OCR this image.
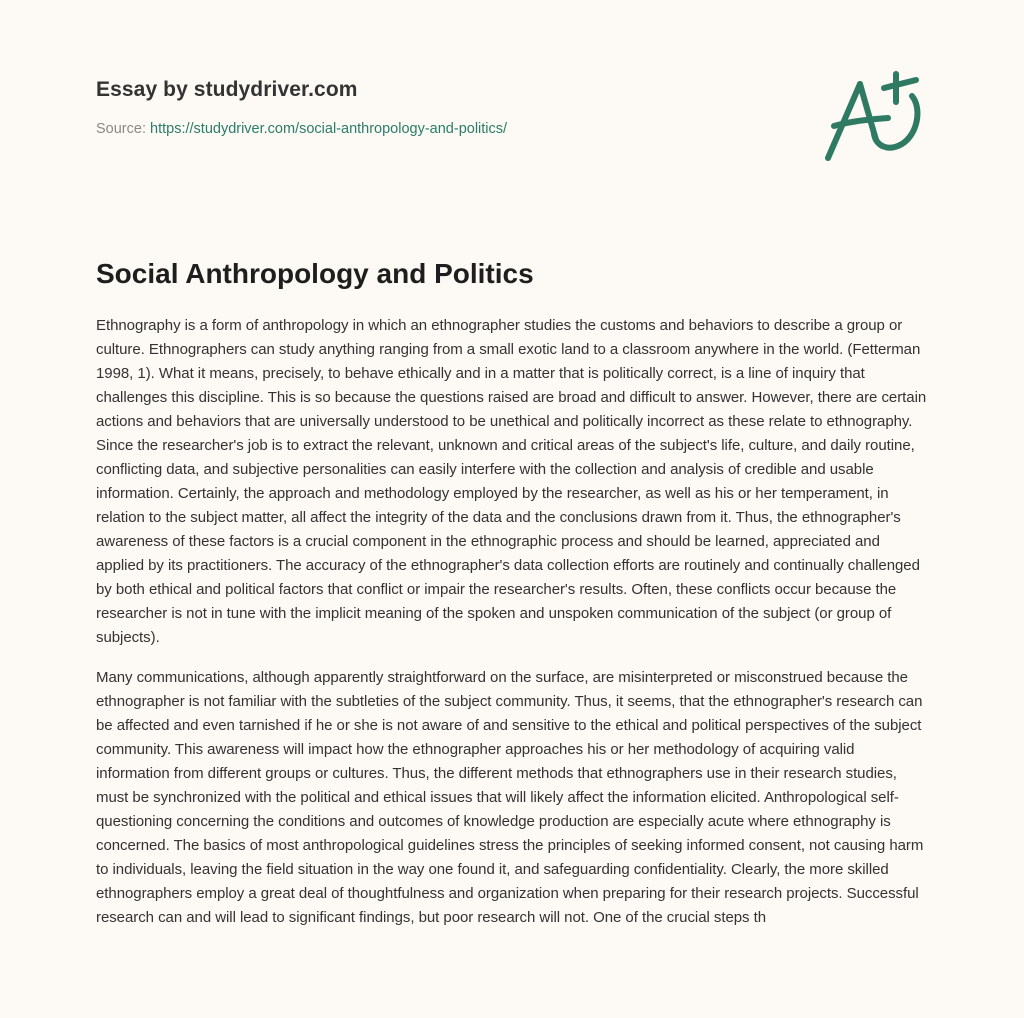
Essay by studydriver.com
Source: https://studydriver.com/social-anthropology-and-politics/
Social Anthropology and Politics

Ethnography is a form of anthropology in which an ethnographer studies the customs and behaviors to describe a group or culture. Ethnographers can study anything ranging from a small exotic land to a classroom anywhere in the world. (Fetterman 1998, 1). What it means, precisely, to behave ethically and in a matter that is politically correct, is a line of inquiry that challenges this discipline. This is so because the questions raised are broad and difficult to answer. However, there are certain actions and behaviors that are universally understood to be unethical and politically incorrect as these relate to ethnography. Since the researcher's job is to extract the relevant, unknown and critical areas of the subject's life, culture, and daily routine, conflicting data, and subjective personalities can easily interfere with the collection and analysis of credible and usable information. Certainly, the approach and methodology employed by the researcher, as well as his or her temperament, in relation to the subject matter, all affect the integrity of the data and the conclusions drawn from it. Thus, the ethnographer's awareness of these factors is a crucial component in the ethnographic process and should be learned, appreciated and applied by its practitioners. The accuracy of the ethnographer's data collection efforts are routinely and continually challenged by both ethical and political factors that conflict or impair the researcher's results. Often, these conflicts occur because the researcher is not in tune with the implicit meaning of the spoken and unspoken communication of the subject (or group of subjects).

Many communications, although apparently straightforward on the surface, are misinterpreted or misconstrued because the ethnographer is not familiar with the subtleties of the subject community. Thus, it seems, that the ethnographer's research can be affected and even tarnished if he or she is not aware of and sensitive to the ethical and political perspectives of the subject community. This awareness will impact how the ethnographer approaches his or her methodology of acquiring valid information from different groups or cultures. Thus, the different methods that ethnographers use in their research studies, must be synchronized with the political and ethical issues that will likely affect the information elicited. Anthropological self-questioning concerning the conditions and outcomes of knowledge production are especially acute where ethnography is concerned. The basics of most anthropological guidelines stress the principles of seeking informed consent, not causing harm to individuals, leaving the field situation in the way one found it, and safeguarding confidentiality. Clearly, the more skilled ethnographers employ a great deal of thoughtfulness and organization when preparing for their research projects. Successful research can and will lead to significant findings, but poor research will not. One of the crucial steps th
